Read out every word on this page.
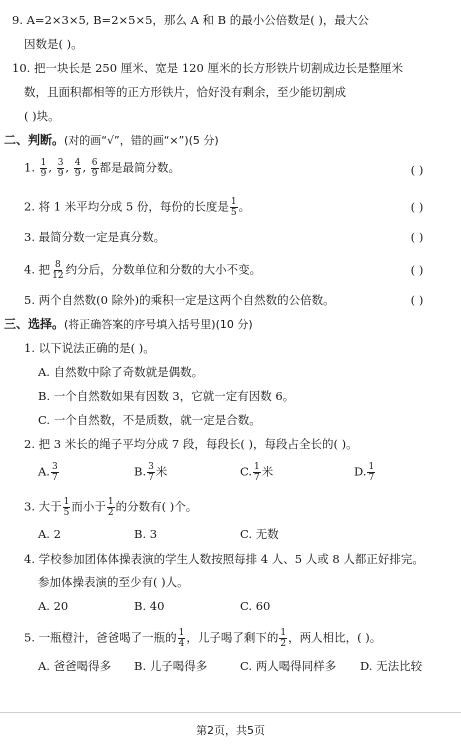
9. A=2×3×5, B=2×5×5，那么 A 和 B 的最小公倍数是( )，最大公
因数是( )。
10. 把一块长是 250 厘米、宽是 120 厘米的长方形铁片切割成边长是整厘米
数，且面积都相等的正方形铁片，恰好没有剩余，至少能切割成
( )块。
二、判断。(对的画“√”，错的画“×”)(5 分)
1. $\frac{1}{9}$ , $\frac{3}{9}$ , $\frac{4}{9}$ , $\frac{6}{9}$ 都是最简分数。	( )
2. 将 1 米平均分成 5 份，每份的长度是 $\frac{1}{5}$ 。	( )
3. 最简分数一定是真分数。	( )
4. 把 $\frac{8}{12}$ 约分后，分数单位和分数的大小不变。	( )
5. 两个自然数(0 除外)的乘积一定是这两个自然数的公倍数。	( )
三、选择。(将正确答案的序号填入括号里)(10 分)
1. 以下说法正确的是( )。
A. 自然数中除了奇数就是偶数。
B. 一个自然数如果有因数 3，它就一定有因数 6。
C. 一个自然数，不是质数，就一定是合数。
2. 把 3 米长的绳子平均分成 7 段，每段长( )，每段占全长的( )。
A. $\frac{3}{7}$	B. $\frac{3}{7}$ 米	C. $\frac{1}{7}$ 米	D. $\frac{1}{7}$
3. 大于 $\frac{1}{5}$ 而小于 $\frac{1}{2}$ 的分数有( )个。
A. 2	B. 3	C. 无数
4. 学校参加团体体操表演的学生人数按照每排 4 人、5 人或 8 人都正好排完。
参加体操表演的至少有( )人。
A. 20	B. 40	C. 60
5. 一瓶橙汁，爸爸喝了一瓶的 $\frac{1}{4}$ ，儿子喝了剩下的 $\frac{1}{2}$ ，两人相比，( )。
A. 爸爸喝得多 B. 儿子喝得多	C. 两人喝得同样多 D. 无法比较
第2页，共5页
